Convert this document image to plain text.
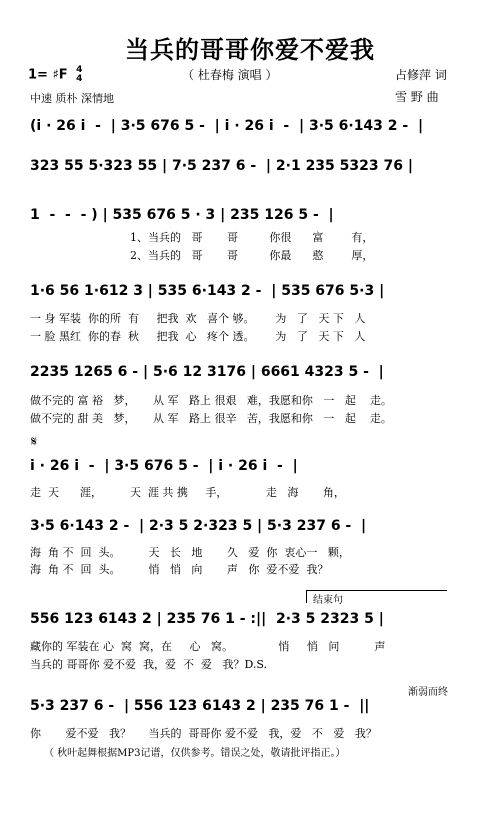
当兵的哥哥你爱不爱我
1= ♯F 4
4	（ 杜春梅 演唱 ）
中速 质朴 深情地
占修萍 词
雪 野 曲
(i · 26 i  -  | 3·5 676 5 -  | i · 26 i  -  | 3·5 6·143 2 -  |
323 55 5·323 55 | 7·5 237 6 -  | 2·1 235 5323 76 |
1  -  -  - ) | 535 676 5 · 3 | 235 126 5 -  |
1、当兵的   哥       哥         你很      富        有，
2、当兵的   哥       哥         你最      憨        厚，
1·6 56 1·612 3 | 535 6·143 2 -  | 535 676 5·3 |
一 身 军装  你的所  有     把我  欢   喜个 够。      为   了   天 下   人
一 脸 黑红  你的春  秋     把我  心   疼个 透。      为   了   天 下   人
2235 1265 6 - | 5·6 12 3176 | 6661 4323 5 -  |
做不完的 富 裕   梦，     从 军   路上 很艰   难，我愿和你   一   起    走。
做不完的 甜 美   梦，     从 军   路上 很辛   苦，我愿和你   一   起    走。
𝄋
i · 26 i  -  | 3·5 676 5 -  | i · 26 i  -  |
走  天      涯，        天  涯 共 携     手，           走   海       角，
3·5 6·143 2 -  | 2·3 5 2·323 5 | 5·3 237 6 -  |
海  角 不  回  头。        天   长   地       久   爱  你  衷心一   颗，
海  角 不  回  头。        悄   悄   向       声   你  爱不爱  我？
结束句
556 123 6143 2 | 235 76 1 - :||  2·3 5 2323 5 |
藏你的 军装在 心  窝  窝，在     心   窝。             悄     悄   问          声
当兵的 哥哥你 爱不爱  我，爱  不  爱   我？D.S.
渐弱而终
5·3 237 6 -  | 556 123 6143 2 | 235 76 1 -  ||
你       爱不爱   我？     当兵的  哥哥你 爱不爱   我，爱   不   爱   我？
（ 秋叶起舞根据MP3记谱，仅供参考。错误之处，敬请批评指正。）
